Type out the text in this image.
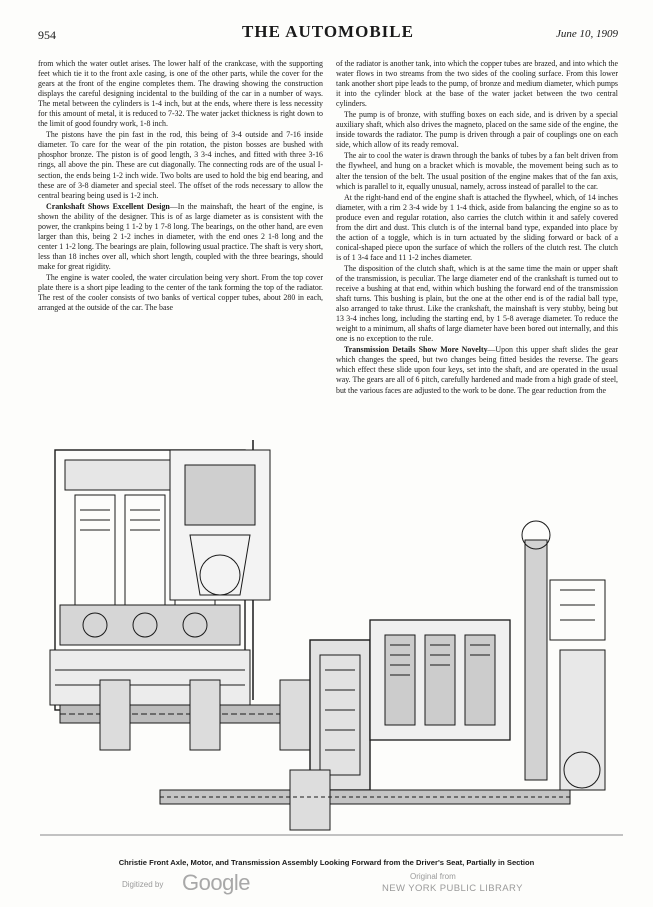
954	THE AUTOMOBILE	June 10, 1909

from which the water outlet arises. The lower half of the crankcase, with the supporting feet which tie it to the front axle casing, is one of the other parts, while the cover for the gears at the front of the engine completes them. The drawing showing the construction displays the careful designing incidental to the building of the car in a number of ways. The metal between the cylinders is 1-4 inch, but at the ends, where there is less necessity for this amount of metal, it is reduced to 7-32. The water jacket thickness is right down to the limit of good foundry work, 1-8 inch.

The pistons have the pin fast in the rod, this being of 3-4 outside and 7-16 inside diameter. To care for the wear of the pin rotation, the piston bosses are bushed with phosphor bronze. The piston is of good length, 3 3-4 inches, and fitted with three 3-16 rings, all above the pin. These are cut diagonally. The connecting rods are of the usual I-section, the ends being 1-2 inch wide. Two bolts are used to hold the big end bearing, and these are of 3-8 diameter and special steel. The offset of the rods necessary to allow the central bearing being used is 1-2 inch.

Crankshaft Shows Excellent Design—In the mainshaft, the heart of the engine, is shown the ability of the designer. This is of as large diameter as is consistent with the power, the crankpins being 1 1-2 by 1 7-8 long. The bearings, on the other hand, are even larger than this, being 2 1-2 inches in diameter, with the end ones 2 1-8 long and the center 1 1-2 long. The bearings are plain, following usual practice. The shaft is very short, less than 18 inches over all, which short length, coupled with the three bearings, should make for great rigidity.

The engine is water cooled, the water circulation being very short. From the top cover plate there is a short pipe leading to the center of the tank forming the top of the radiator. The rest of the cooler consists of two banks of vertical copper tubes, about 280 in each, arranged at the outside of the car. The base

of the radiator is another tank, into which the copper tubes are brazed, and into which the water flows in two streams from the two sides of the cooling surface. From this lower tank another short pipe leads to the pump, of bronze and medium diameter, which pumps it into the cylinder block at the base of the water jacket between the two central cylinders.

The pump is of bronze, with stuffing boxes on each side, and is driven by a special auxiliary shaft, which also drives the magneto, placed on the same side of the engine, the inside towards the radiator. The pump is driven through a pair of couplings one on each side, which allow of its ready removal.

The air to cool the water is drawn through the banks of tubes by a fan belt driven from the flywheel, and hung on a bracket which is movable, the movement being such as to alter the tension of the belt. The usual position of the engine makes that of the fan axis, which is parallel to it, equally unusual, namely, across instead of parallel to the car.

At the right-hand end of the engine shaft is attached the flywheel, which, of 14 inches diameter, with a rim 2 3-4 wide by 1 1-4 thick, aside from balancing the engine so as to produce even and regular rotation, also carries the clutch within it and safely covered from the dirt and dust. This clutch is of the internal band type, expanded into place by the action of a toggle, which is in turn actuated by the sliding forward or back of a conical-shaped piece upon the surface of which the rollers of the clutch rest. The clutch is of 1 3-4 face and 11 1-2 inches diameter.

The disposition of the clutch shaft, which is at the same time the main or upper shaft of the transmission, is peculiar. The large diameter end of the crankshaft is turned out to receive a bushing at that end, within which bushing the forward end of the transmission shaft turns. This bushing is plain, but the one at the other end is of the radial ball type, also arranged to take thrust. Like the crankshaft, the mainshaft is very stubby, being but 13 3-4 inches long, including the starting end, by 1 5-8 average diameter. To reduce the weight to a minimum, all shafts of large diameter have been bored out internally, and this one is no exception to the rule.

Transmission Details Show More Novelty—Upon this upper shaft slides the gear which changes the speed, but two changes being fitted besides the reverse. The gears which effect these slide upon four keys, set into the shaft, and are operated in the usual way. The gears are all of 6 pitch, carefully hardened and made from a high grade of steel, but the various faces are adjusted to the work to be done. The gear reduction from the

Christie Front Axle, Motor, and Transmission Assembly Looking Forward from the Driver's Seat, Partially in Section
Digitized by Google	Original from
NEW YORK PUBLIC LIBRARY
